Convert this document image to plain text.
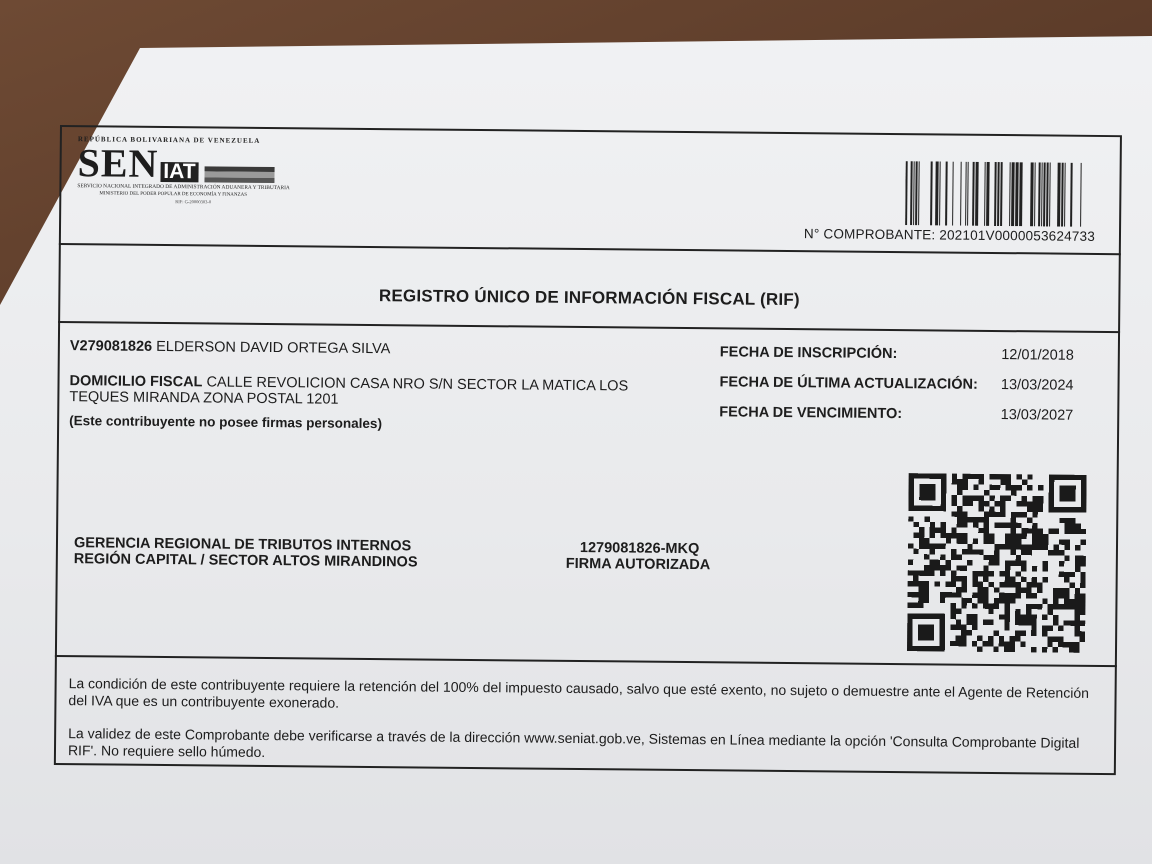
REPÚBLICA BOLIVARIANA DE VENEZUELA
SEN IAT
SERVICIO NACIONAL INTEGRADO DE ADMINISTRACIÓN ADUANERA Y TRIBUTARIA
MINISTERIO DEL PODER POPULAR DE ECONOMÍA Y FINANZAS
RIF: G-20000303-0
N° COMPROBANTE: 202101V0000053624733
REGISTRO ÚNICO DE INFORMACIÓN FISCAL (RIF)
V279081826 ELDERSON DAVID ORTEGA SILVA
DOMICILIO FISCAL CALLE REVOLICION CASA NRO S/N SECTOR LA MATICA LOS
TEQUES MIRANDA ZONA POSTAL 1201
(Este contribuyente no posee firmas personales)
FECHA DE INSCRIPCIÓN:	12/01/2018
FECHA DE ÚLTIMA ACTUALIZACIÓN:	13/03/2024
FECHA DE VENCIMIENTO:	13/03/2027
GERENCIA REGIONAL DE TRIBUTOS INTERNOS
REGIÓN CAPITAL / SECTOR ALTOS MIRANDINOS
1279081826-MKQ
FIRMA AUTORIZADA
La condición de este contribuyente requiere la retención del 100% del impuesto causado, salvo que esté exento, no sujeto o demuestre ante el Agente de Retención del IVA que es un contribuyente exonerado.
La validez de este Comprobante debe verificarse a través de la dirección www.seniat.gob.ve, Sistemas en Línea mediante la opción 'Consulta Comprobante Digital RIF'. No requiere sello húmedo.
